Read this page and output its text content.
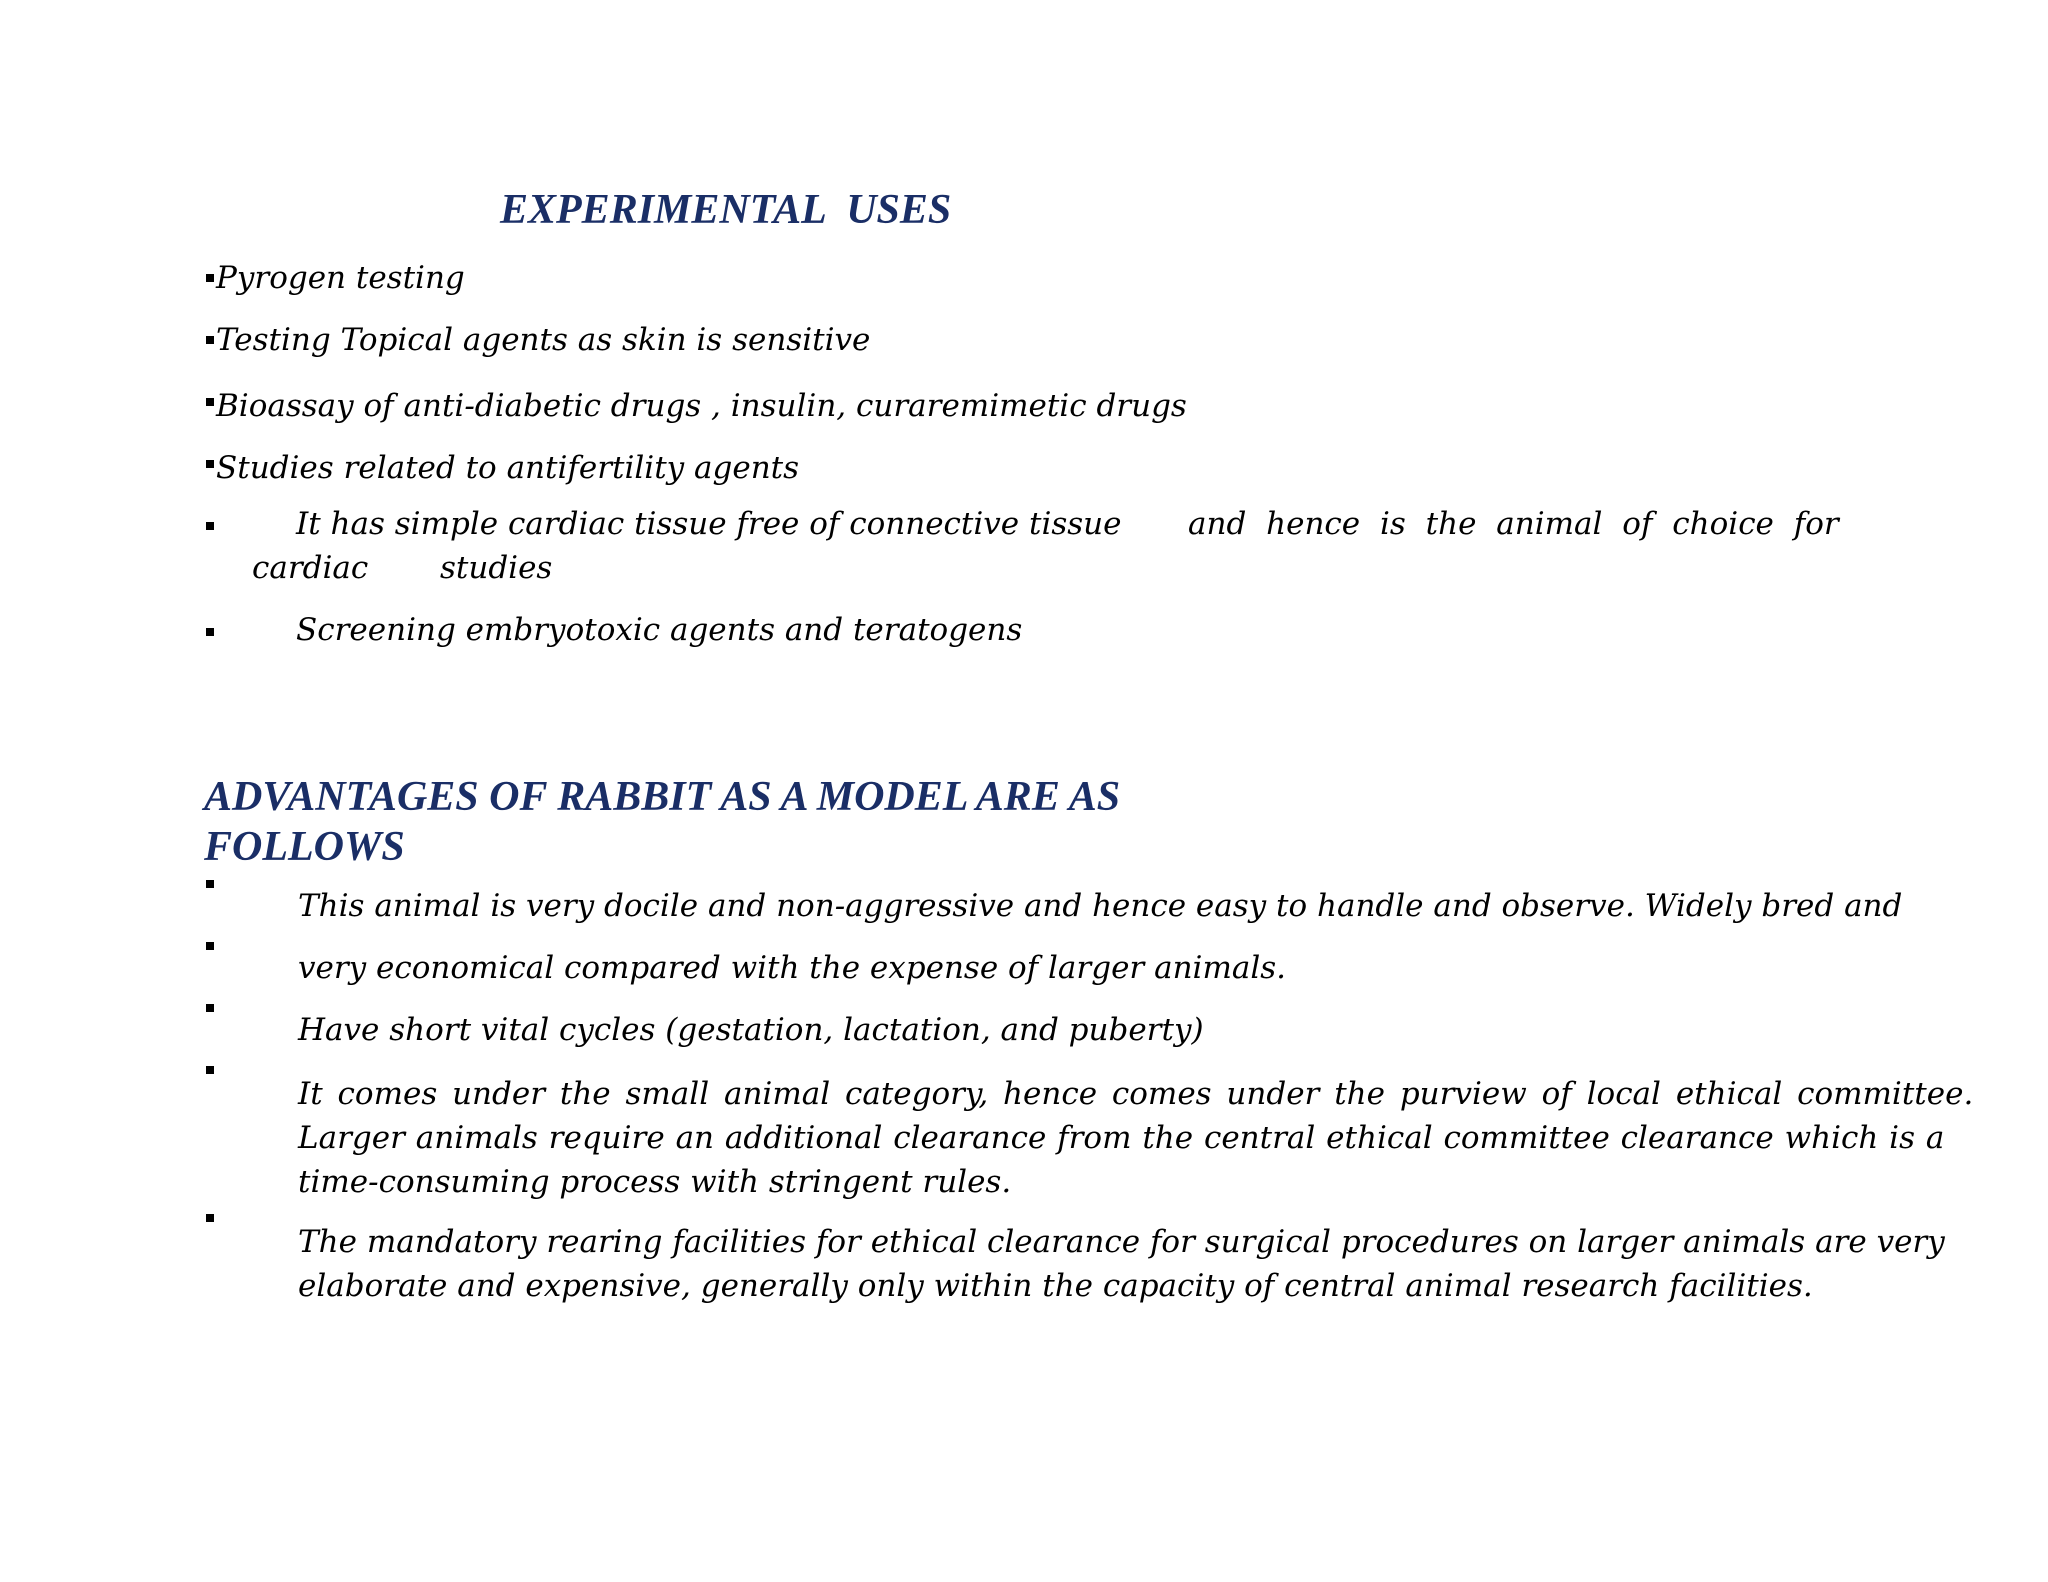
EXPERIMENTAL  USES

Pyrogen testing

Testing Topical agents as skin is sensitive

Bioassay of anti-diabetic drugs , insulin, curaremimetic drugs

Studies related to antifertility agents

It has simple cardiac tissue free of connective tissue and hence is the animal of choice for

cardiac studies

Screening embryotoxic agents and teratogens

ADVANTAGES OF RABBIT AS A MODEL ARE AS
FOLLOWS

This animal is very docile and non-aggressive and hence easy to handle and observe. Widely bred and

very economical compared with the expense of larger animals.

Have short vital cycles (gestation, lactation, and puberty)

It comes under the small animal category, hence comes under the purview of local ethical committee.
Larger animals require an additional clearance from the central ethical committee clearance which is a
time-consuming process with stringent rules.
The mandatory rearing facilities for ethical clearance for surgical procedures on larger animals are very
elaborate and expensive, generally only within the capacity of central animal research facilities.
